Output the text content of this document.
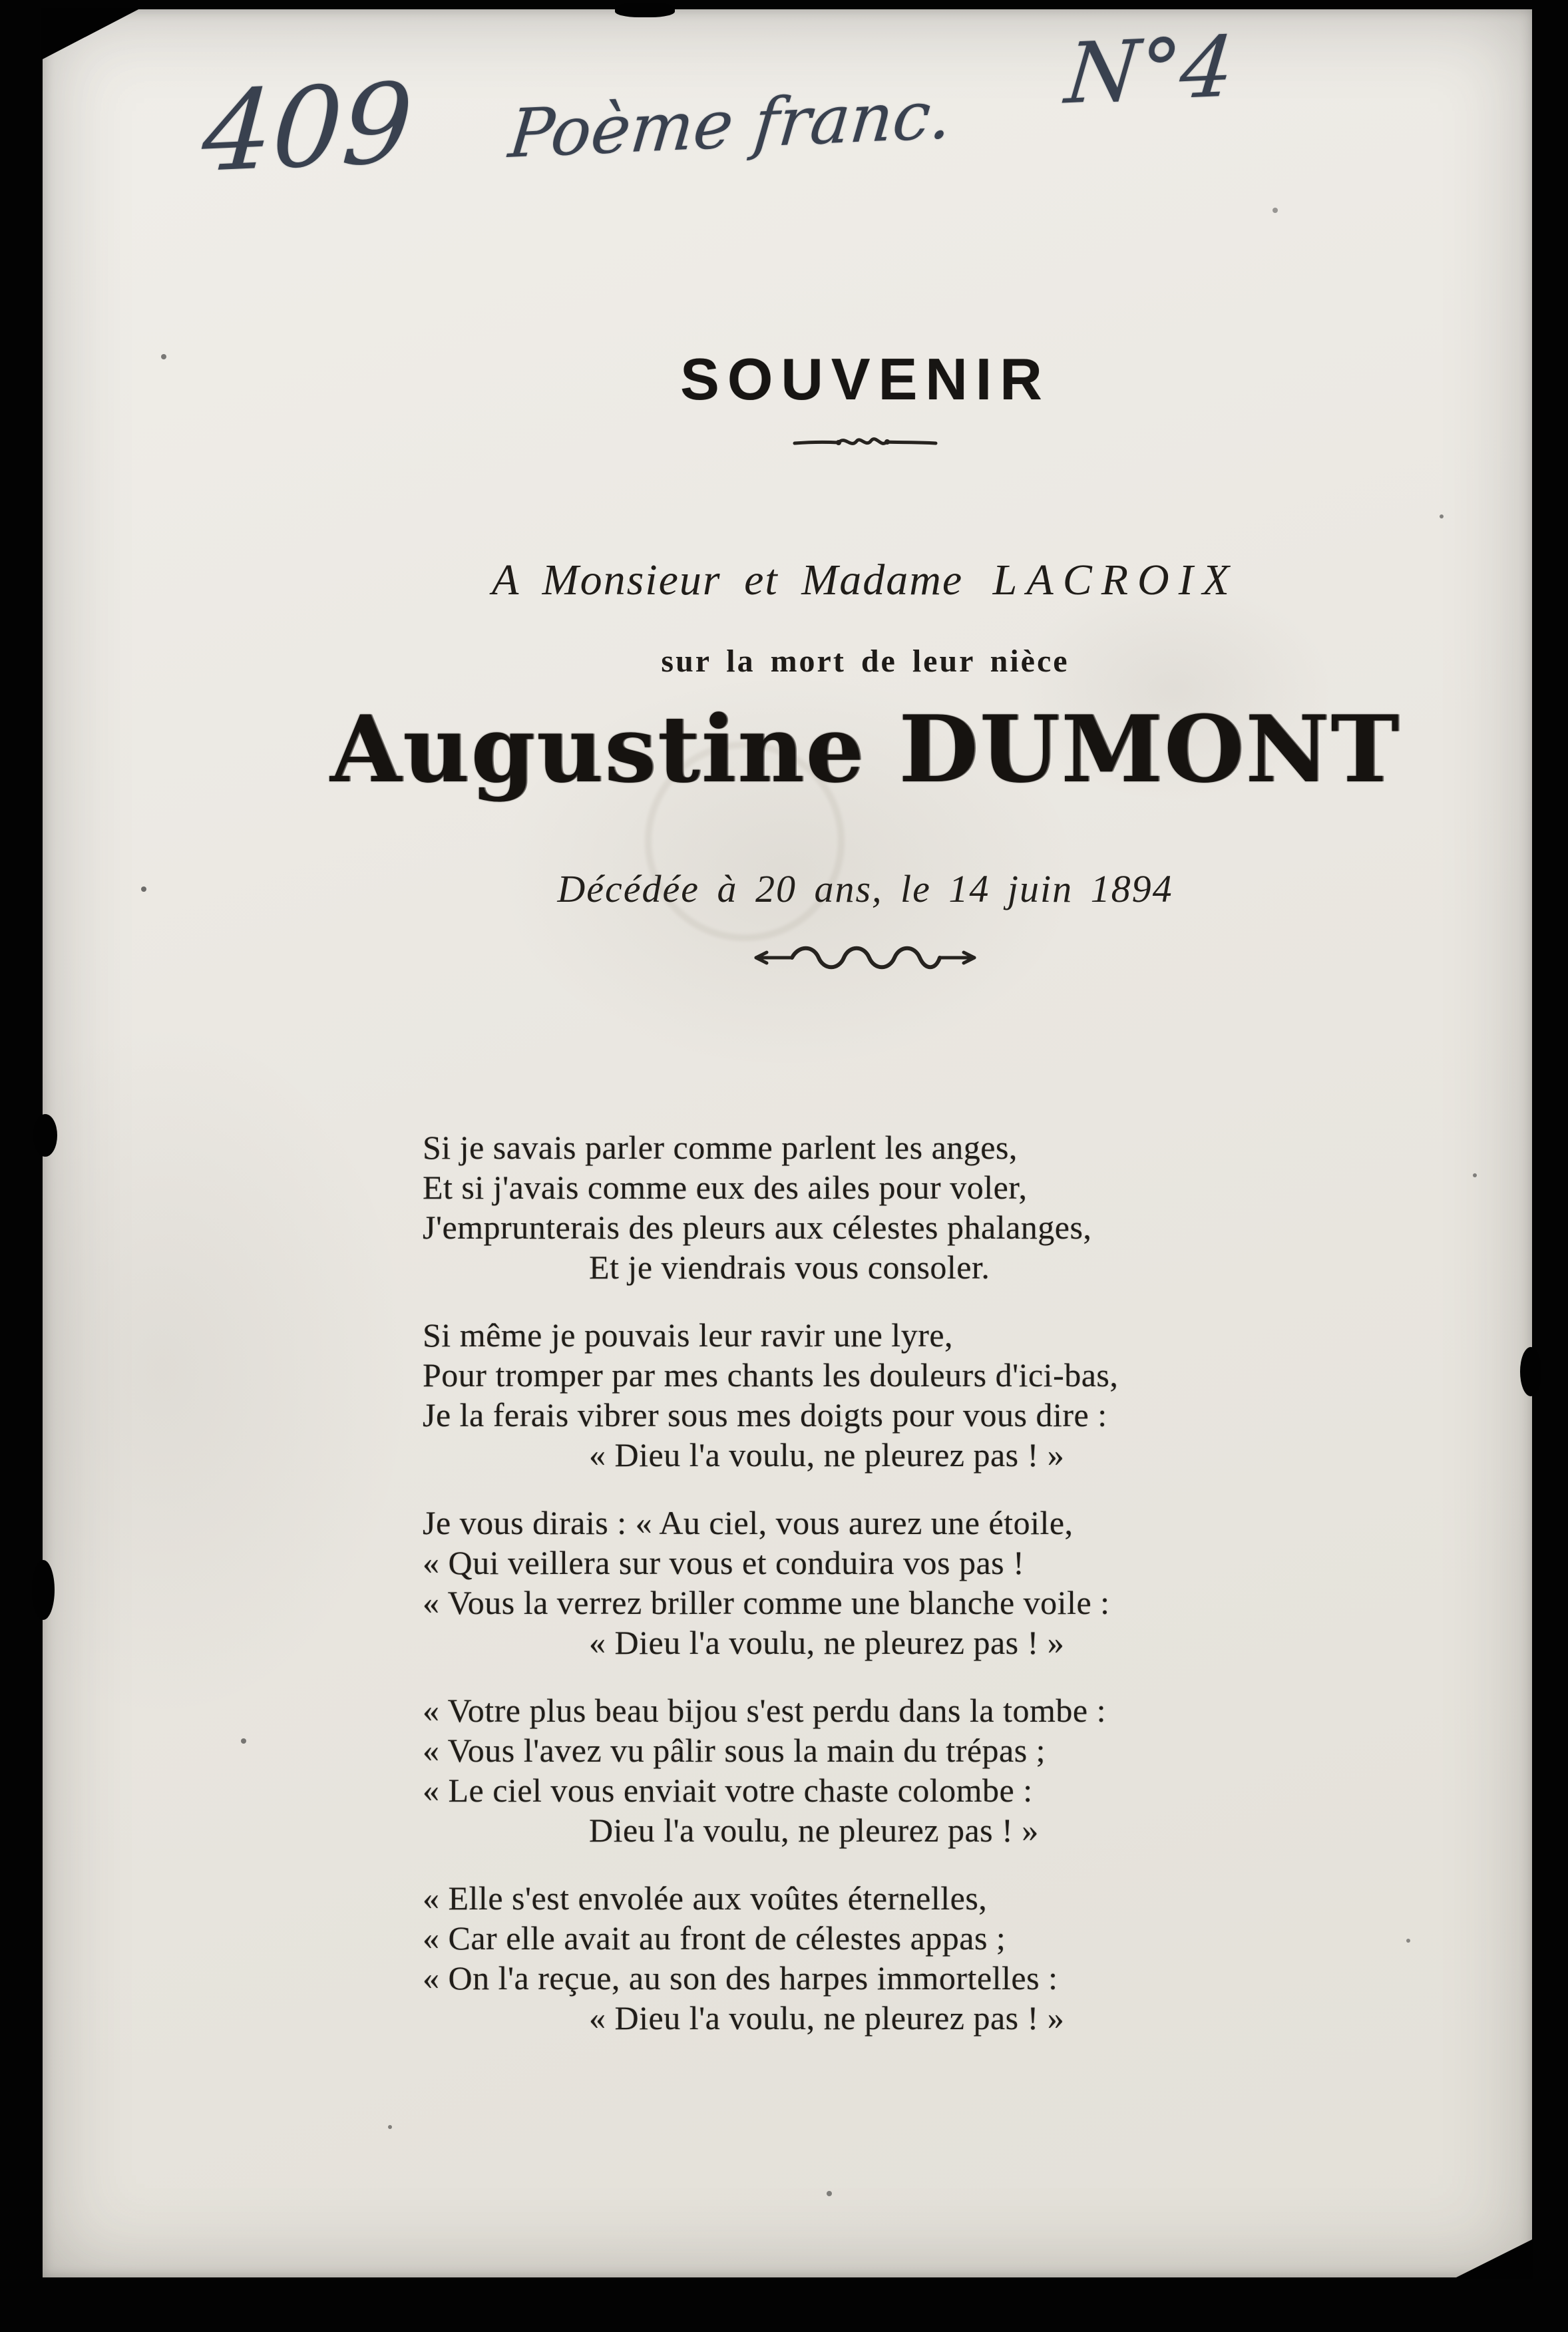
409 Poème franc. N°4
SOUVENIR
A Monsieur et Madame LACROIX
sur la mort de leur nièce
Augustine DUMONT
Décédée à 20 ans, le 14 juin 1894
Si je savais parler comme parlent les anges,
Et si j'avais comme eux des ailes pour voler,
J'emprunterais des pleurs aux célestes phalanges,
Et je viendrais vous consoler.
Si même je pouvais leur ravir une lyre,
Pour tromper par mes chants les douleurs d'ici-bas,
Je la ferais vibrer sous mes doigts pour vous dire :
« Dieu l'a voulu, ne pleurez pas ! »
Je vous dirais : « Au ciel, vous aurez une étoile,
« Qui veillera sur vous et conduira vos pas !
« Vous la verrez briller comme une blanche voile :
« Dieu l'a voulu, ne pleurez pas ! »
« Votre plus beau bijou s'est perdu dans la tombe :
« Vous l'avez vu pâlir sous la main du trépas ;
« Le ciel vous enviait votre chaste colombe :
Dieu l'a voulu, ne pleurez pas ! »
« Elle s'est envolée aux voûtes éternelles,
« Car elle avait au front de célestes appas ;
« On l'a reçue, au son des harpes immortelles :
« Dieu l'a voulu, ne pleurez pas ! »
